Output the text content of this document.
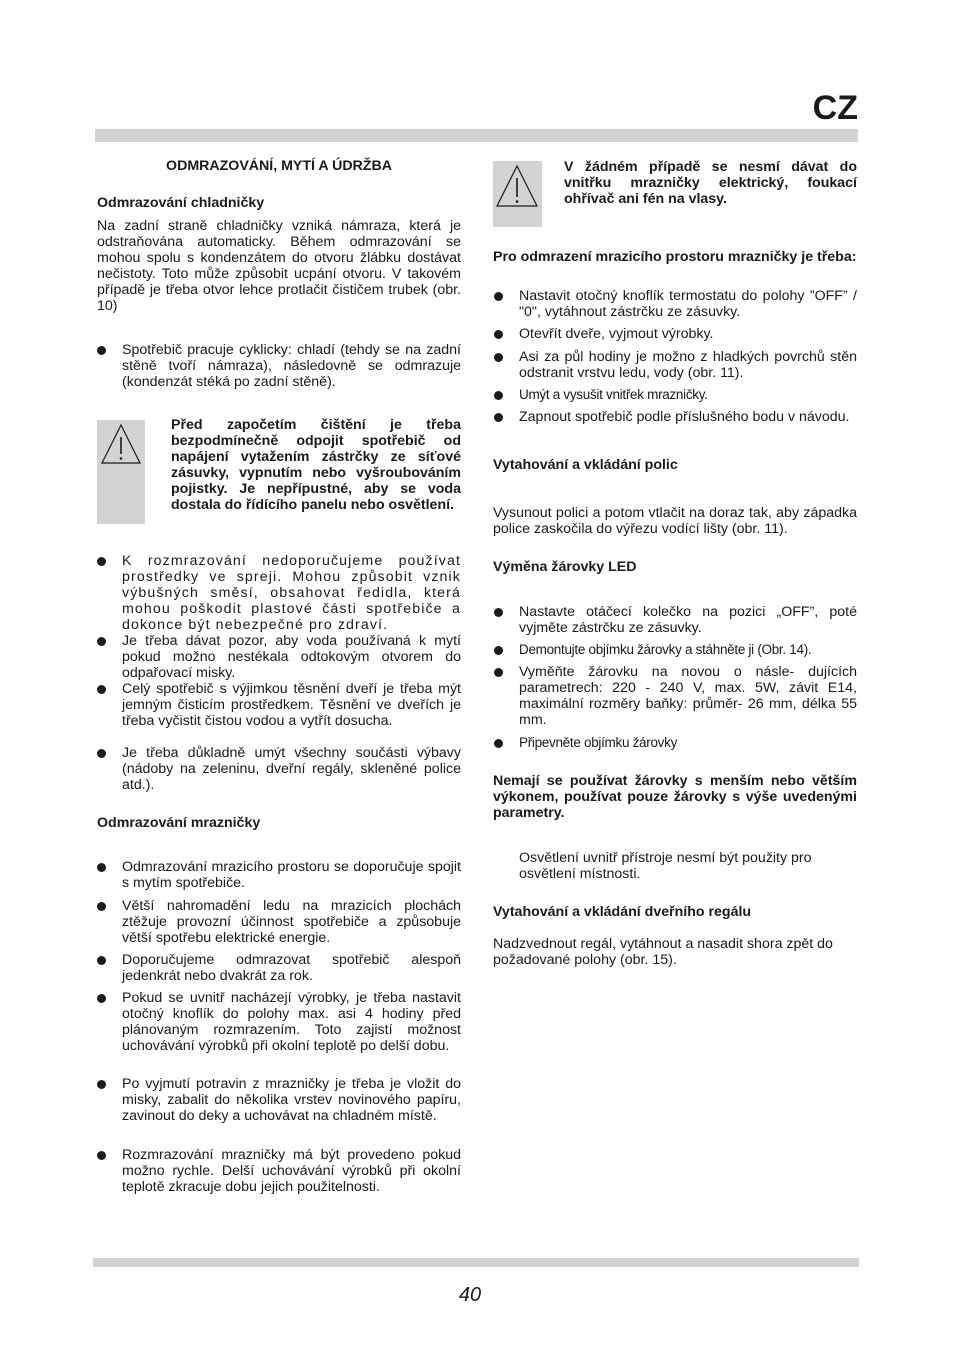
CZ

ODMRAZOVÁNÍ, MYTÍ A ÚDRŽBA

Odmrazování chladničky

Na zadní straně chladničky vzniká námraza, která je odstraňována automaticky. Během odmrazování se mohou spolu s kondenzátem do otvoru žlábku dostávat nečistoty. Toto může způsobit ucpání otvoru. V takovém případě je třeba otvor lehce protlačit čističem trubek (obr. 10)

Spotřebič pracuje cyklicky: chladí (tehdy se na zadní stěně tvoří námraza), následovně se odmrazuje (kondenzát stéká po zadní stěně).

Před započetím čištění je třeba bezpodmínečně odpojit spotřebič od napájení vytažením zástrčky ze síťové zásuvky, vypnutím nebo vyšroubováním pojistky. Je nepřípustné, aby se voda dostala do řídícího panelu nebo osvětlení.

K rozmrazování nedoporučujeme používat prostředky ve spreji. Mohou způsobit vznik výbušných směsí, obsahovat ředidla, která mohou poškodit plastové části spotřebiče a dokonce být nebezpečné pro zdraví.
Je třeba dávat pozor, aby voda používaná k mytí pokud možno nestékala odtokovým otvorem do odpařovací misky.
Celý spotřebič s výjimkou těsnění dveří je třeba mýt jemným čisticím prostředkem. Těsnění ve dveřích je třeba vyčistit čistou vodou a vytřít dosucha.
Je třeba důkladně umýt všechny součásti výbavy (nádoby na zeleninu, dveřní regály, skleněné police atd.).

Odmrazování mrazničky

Odmrazování mrazicího prostoru se doporučuje spojit s mytím spotřebiče.
Větší nahromadění ledu na mrazicích plochách ztěžuje provozní účinnost spotřebiče a způsobuje větší spotřebu elektrické energie.
Doporučujeme odmrazovat spotřebič alespoň jedenkrát nebo dvakrát za rok.
Pokud se uvnitř nacházejí výrobky, je třeba nastavit otočný knoflík do polohy max. asi 4 hodiny před plánovaným rozmrazením. Toto zajistí možnost uchovávání výrobků při okolní teplotě po delší dobu.
Po vyjmutí potravin z mrazničky je třeba je vložit do misky, zabalit do několika vrstev novinového papíru, zavinout do deky a uchovávat na chladném místě.
Rozmrazování mrazničky má být provedeno pokud možno rychle. Delší uchovávání výrobků při okolní teplotě zkracuje dobu jejich použitelnosti.

V žádném případě se nesmí dávat do vnitřku mrazničky elektrický, foukací ohřívač ani fén na vlasy.

Pro odmrazení mrazicího prostoru mrazničky je třeba:

Nastavit otočný knoflík termostatu do polohy ”OFF” / "0", vytáhnout zástrčku ze zásuvky.
Otevřít dveře, vyjmout výrobky.
Asi za půl hodiny je možno z hladkých povrchů stěn odstranit vrstvu ledu, vody (obr. 11).
Umýt a vysušit vnitřek mrazničky.
Zapnout spotřebič podle příslušného bodu v návodu.

Vytahování a vkládání polic

Vysunout polici a potom vtlačit na doraz tak, aby západka police zaskočila do výřezu vodící lišty (obr. 11).

Výměna žárovky LED

Nastavte otáčecí kolečko na pozici „OFF”, poté vyjměte zástrčku ze zásuvky.
Demontujte objímku žárovky a stáhněte ji (Obr. 14).
Vyměňte žárovku na novou o násle- dujících parametrech: 220 - 240 V, max. 5W, závit E14, maximální rozměry baňky: průměr- 26 mm, délka 55 mm.
Připevněte objímku žárovky

Nemají se používat žárovky s menším nebo větším výkonem, používat pouze žárovky s výše uvedenými parametry.

Osvětlení uvnitř přístroje nesmí být použity pro osvětlení místnosti.

Vytahování a vkládání dveřního regálu

Nadzvednout regál, vytáhnout a nasadit shora zpět do požadované polohy (obr. 15).

40
